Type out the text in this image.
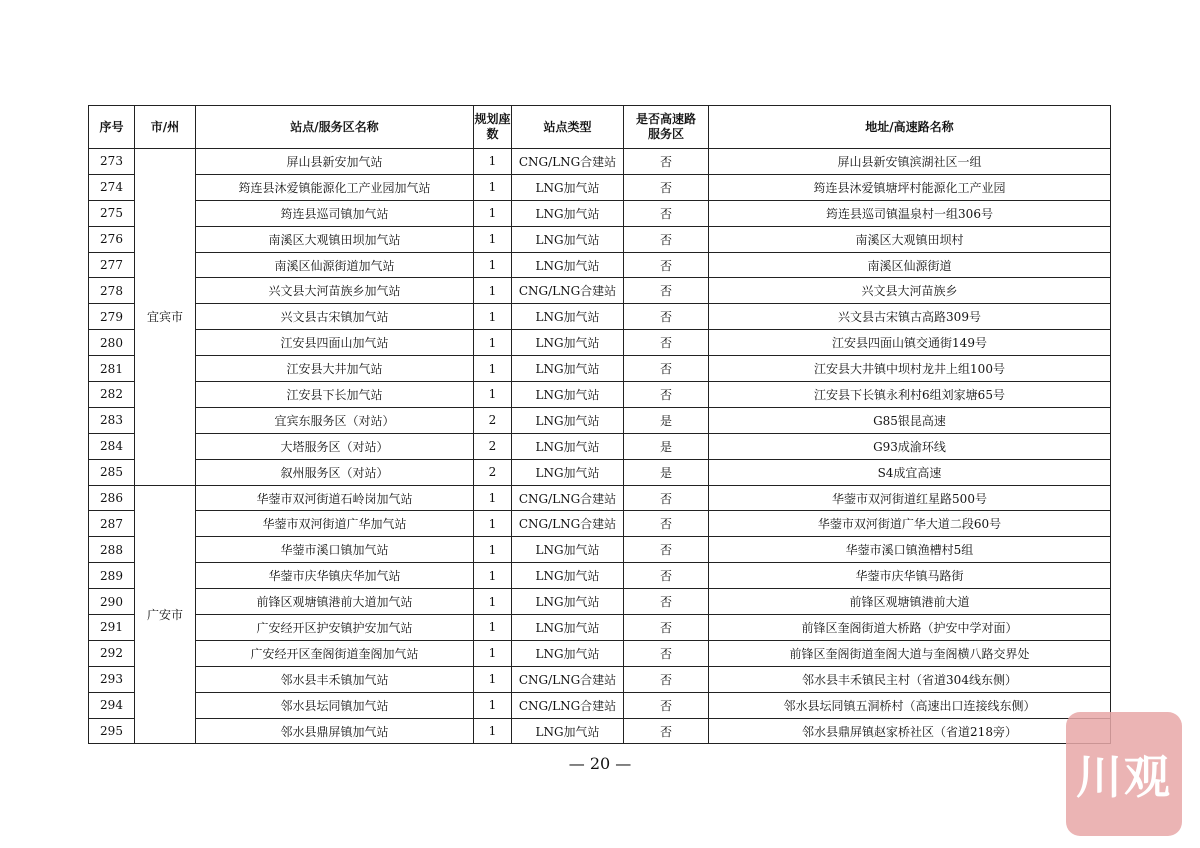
序号	市/州	站点/服务区名称	规划座数	站点类型	是否高速路服务区	地址/高速路名称
273	宜宾市	屏山县新安加气站	1	CNG/LNG合建站	否	屏山县新安镇滨湖社区一组
274		筠连县沐爱镇能源化工产业园加气站	1	LNG加气站	否	筠连县沐爱镇塘坪村能源化工产业园
275		筠连县巡司镇加气站	1	LNG加气站	否	筠连县巡司镇温泉村一组306号
276		南溪区大观镇田坝加气站	1	LNG加气站	否	南溪区大观镇田坝村
277		南溪区仙源街道加气站	1	LNG加气站	否	南溪区仙源街道
278		兴文县大河苗族乡加气站	1	CNG/LNG合建站	否	兴文县大河苗族乡
279		兴文县古宋镇加气站	1	LNG加气站	否	兴文县古宋镇古高路309号
280		江安县四面山加气站	1	LNG加气站	否	江安县四面山镇交通街149号
281		江安县大井加气站	1	LNG加气站	否	江安县大井镇中坝村龙井上组100号
282		江安县下长加气站	1	LNG加气站	否	江安县下长镇永利村6组刘家塘65号
283		宜宾东服务区（对站）	2	LNG加气站	是	G85银昆高速
284		大塔服务区（对站）	2	LNG加气站	是	G93成渝环线
285		叙州服务区（对站）	2	LNG加气站	是	S4成宜高速
286	广安市	华蓥市双河街道石岭岗加气站	1	CNG/LNG合建站	否	华蓥市双河街道红星路500号
287		华蓥市双河街道广华加气站	1	CNG/LNG合建站	否	华蓥市双河街道广华大道二段60号
288		华蓥市溪口镇加气站	1	LNG加气站	否	华蓥市溪口镇渔槽村5组
289		华蓥市庆华镇庆华加气站	1	LNG加气站	否	华蓥市庆华镇马路街
290		前锋区观塘镇港前大道加气站	1	LNG加气站	否	前锋区观塘镇港前大道
291		广安经开区护安镇护安加气站	1	LNG加气站	否	前锋区奎阁街道大桥路（护安中学对面）
292		广安经开区奎阁街道奎阁加气站	1	LNG加气站	否	前锋区奎阁街道奎阁大道与奎阁横八路交界处
293		邻水县丰禾镇加气站	1	CNG/LNG合建站	否	邻水县丰禾镇民主村（省道304线东侧）
294		邻水县坛同镇加气站	1	CNG/LNG合建站	否	邻水县坛同镇五洞桥村（高速出口连接线东侧）
295		邻水县鼎屏镇加气站	1	LNG加气站	否	邻水县鼎屏镇赵家桥社区（省道218旁）
— 20 —	川观
